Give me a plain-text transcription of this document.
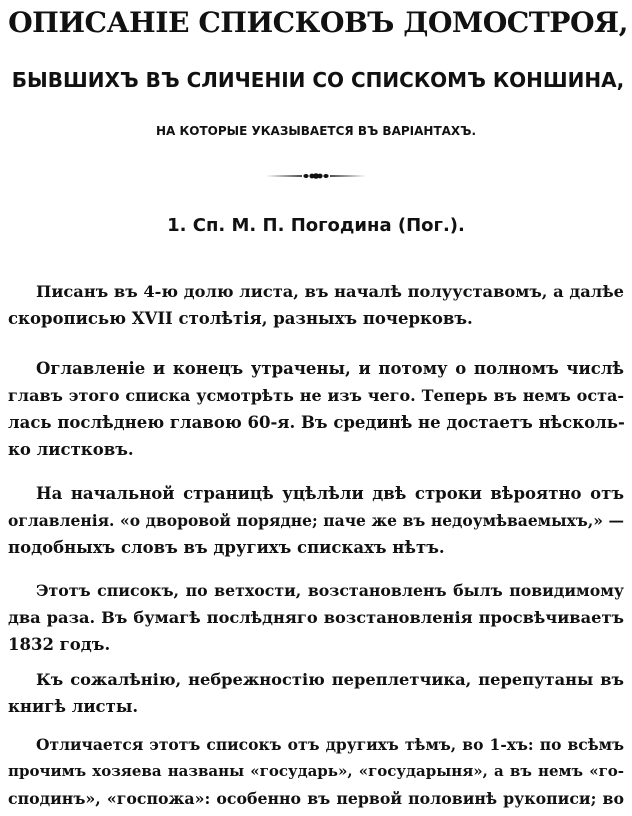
ОПИСАНІЕ СПИСКОВЪ ДОМОСТРОЯ,
БЫВШИХЪ ВЪ СЛИЧЕНІИ СО СПИСКОМЪ КОНШИНА,
НА КОТОРЫЕ УКАЗЫВАЕТСЯ ВЪ ВАРІАНТАХЪ.
1. Сп. М. П. Погодина (Пог.).
Писанъ въ 4-ю долю листа, въ началѣ полууставомъ, а далѣе
скорописью XVII столѣтія, разныхъ почерковъ.
Оглавленіе и конецъ утрачены, и потому о полномъ числѣ
главъ этого списка усмотрѣть не изъ чего. Теперь въ немъ оста-
лась послѣднею главою 60-я. Въ срединѣ не достаетъ нѣсколь-
ко листковъ.
На начальной страницѣ уцѣлѣли двѣ строки вѣроятно отъ
оглавленія. «о дворовой порядне; паче же въ недоумѣваемыхъ,» —
подобныхъ словъ въ другихъ спискахъ нѣтъ.
Этотъ списокъ, по ветхости, возстановленъ былъ повидимому
два раза. Въ бумагѣ послѣдняго возстановленія просвѣчиваетъ
1832 годъ.
Къ сожалѣнію, небрежностію переплетчика, перепутаны въ
книгѣ листы.
Отличается этотъ списокъ отъ другихъ тѣмъ, во 1-хъ: по всѣмъ
прочимъ хозяева названы «государь», «государыня», а въ немъ «го-
сподинъ», «госпожа»: особенно въ первой половинѣ рукописи; во
